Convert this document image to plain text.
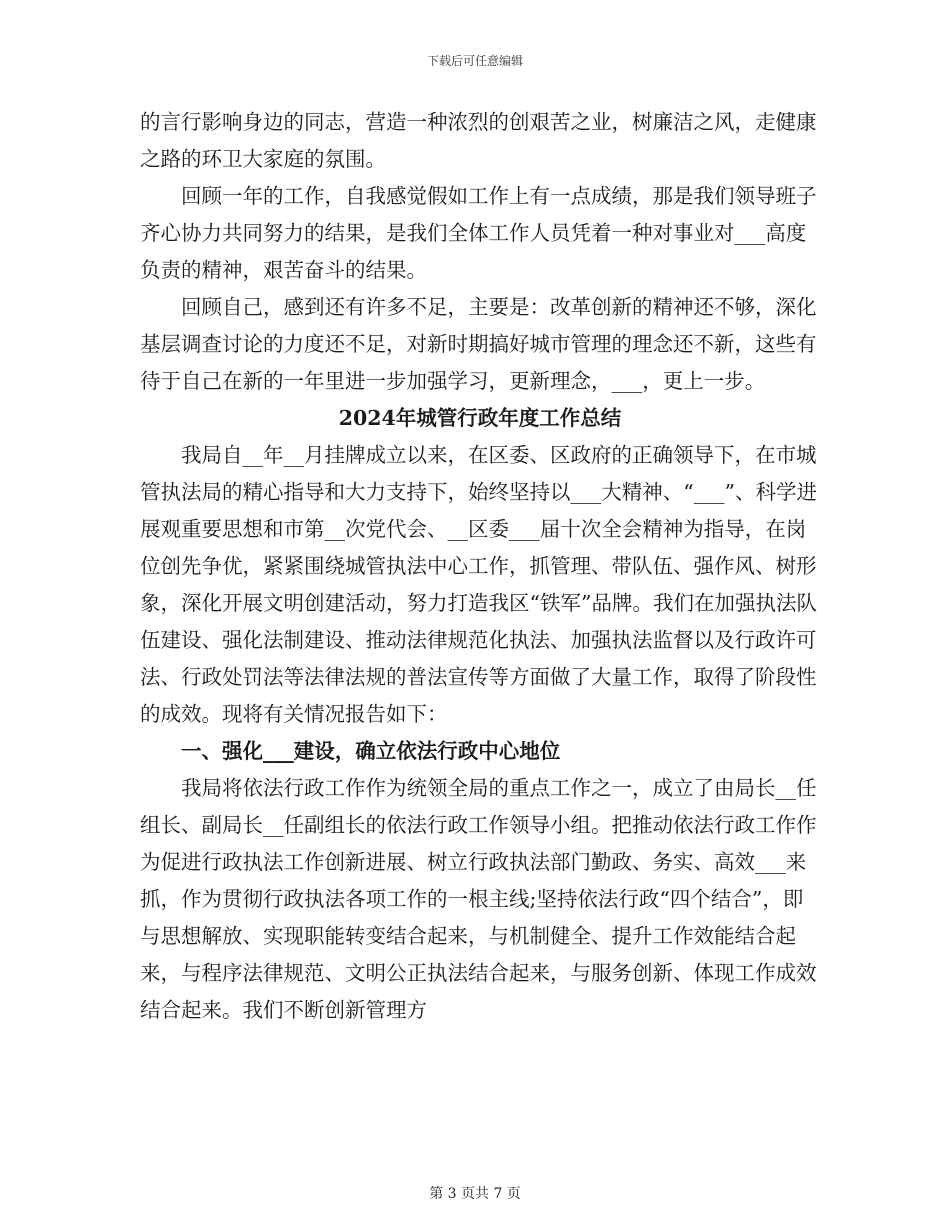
下载后可任意编辑

的言行影响身边的同志，营造一种浓烈的创艰苦之业，树廉洁之风，走健康之路的环卫大家庭的氛围。

回顾一年的工作，自我感觉假如工作上有一点成绩，那是我们领导班子齐心协力共同努力的结果，是我们全体工作人员凭着一种对事业对___高度负责的精神，艰苦奋斗的结果。

回顾自己，感到还有许多不足，主要是：改革创新的精神还不够，深化基层调查讨论的力度还不足，对新时期搞好城市管理的理念还不新，这些有待于自己在新的一年里进一步加强学习，更新理念，___，更上一步。

2024年城管行政年度工作总结

我局自__年__月挂牌成立以来，在区委、区政府的正确领导下，在市城管执法局的精心指导和大力支持下，始终坚持以___大精神、“___”、科学进展观重要思想和市第__次党代会、__区委___届十次全会精神为指导，在岗位创先争优，紧紧围绕城管执法中心工作，抓管理、带队伍、强作风、树形象，深化开展文明创建活动，努力打造我区“铁军”品牌。我们在加强执法队伍建设、强化法制建设、推动法律规范化执法、加强执法监督以及行政许可法、行政处罚法等法律法规的普法宣传等方面做了大量工作，取得了阶段性的成效。现将有关情况报告如下：

一、强化___建设，确立依法行政中心地位

我局将依法行政工作作为统领全局的重点工作之一，成立了由局长__任组长、副局长__任副组长的依法行政工作领导小组。把推动依法行政工作作为促进行政执法工作创新进展、树立行政执法部门勤政、务实、高效___来抓，作为贯彻行政执法各项工作的一根主线;坚持依法行政“四个结合”，即与思想解放、实现职能转变结合起来，与机制健全、提升工作效能结合起来，与程序法律规范、文明公正执法结合起来，与服务创新、体现工作成效结合起来。我们不断创新管理方

第 3 页共 7 页
